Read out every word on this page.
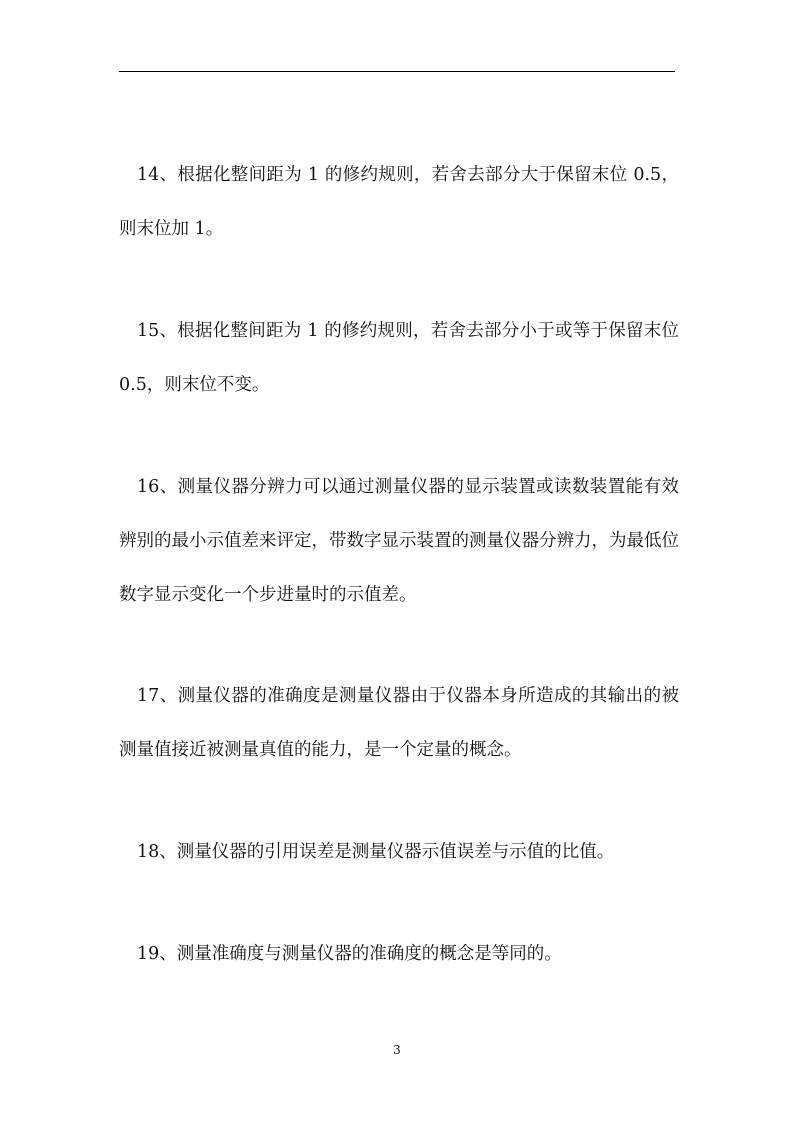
14、根据化整间距为 1 的修约规则，若舍去部分大于保留末位 0.5，则末位加 1。

15、根据化整间距为 1 的修约规则，若舍去部分小于或等于保留末位 0.5，则末位不变。

16、测量仪器分辨力可以通过测量仪器的显示装置或读数装置能有效辨别的最小示值差来评定，带数字显示装置的测量仪器分辨力，为最低位数字显示变化一个步进量时的示值差。

17、测量仪器的准确度是测量仪器由于仪器本身所造成的其输出的被测量值接近被测量真值的能力，是一个定量的概念。

18、测量仪器的引用误差是测量仪器示值误差与示值的比值。

19、测量准确度与测量仪器的准确度的概念是等同的。

3
